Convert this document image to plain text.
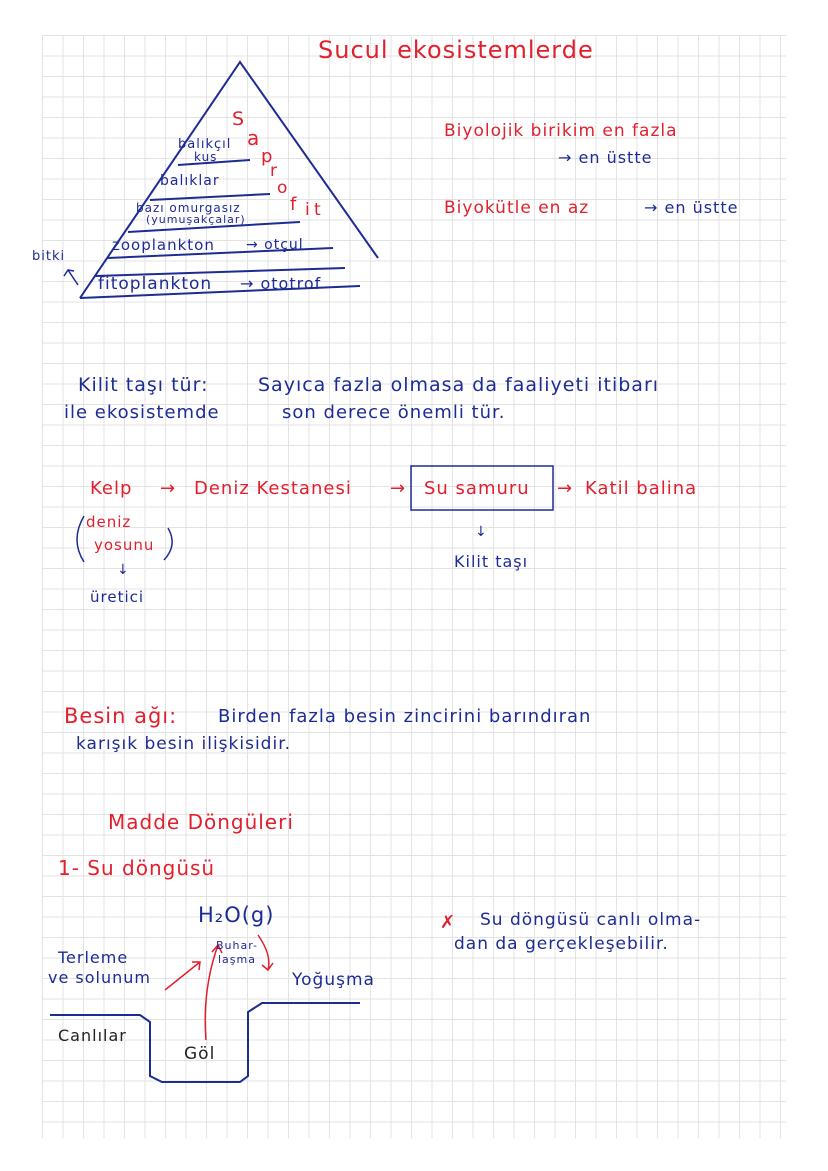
Sucul ekosistemlerde
balıkçıl
kuş
balıklar
bazı omurgasız
(yumuşakçalar)
zooplankton → otçul
fitoplankton → ototrof
bitki
S
a
p
r
o
f i t
Biyolojik birikim en fazla
→ en üstte
Biyokütle en az	→ en üstte
Kilit taşı tür:	Sayıca fazla olmasa da faaliyeti itibarı
ile ekosistemde	son derece önemli tür.
Kelp → Deniz Kestanesi → Su samuru → Katil balina
deniz
yosunu
↓
üretici
↓
Kilit taşı
Besin ağı: Birden fazla besin zincirini barındıran
karışık besin ilişkisidir.
Madde Döngüleri
1- Su döngüsü
H₂O(g)
Terleme
ve solunum
Buhar-
laşma
Yoğuşma
Canlılar
Göl
✗ Su döngüsü canlı olma-
dan da gerçekleşebilir.
